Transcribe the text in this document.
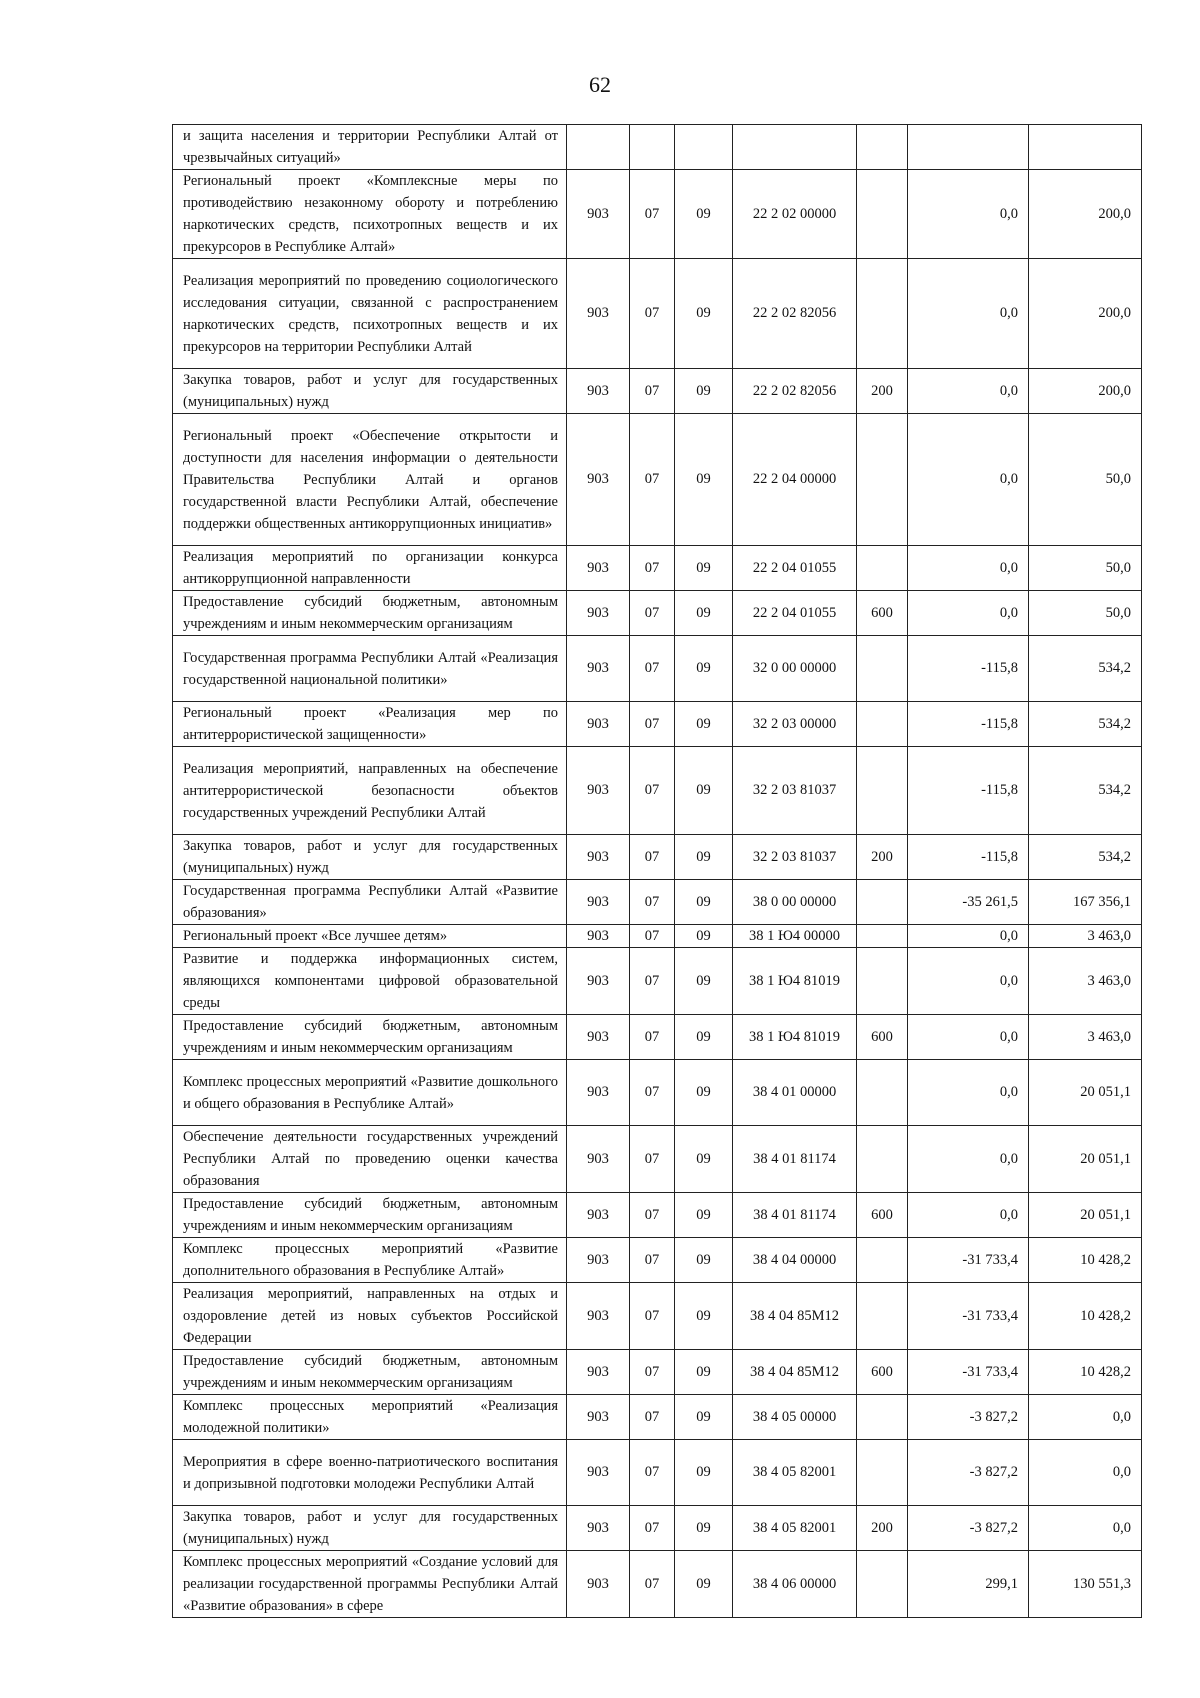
62
и защита населения и территории Республики Алтай от чрезвычайных ситуаций»							
Региональный проект «Комплексные меры по противодействию незаконному обороту и потреблению наркотических средств, психотропных веществ и их прекурсоров в Республике Алтай»	903	07	09	22 2 02 00000		0,0	200,0
Реализация мероприятий по проведению социологического исследования ситуации, связанной с распространением наркотических средств, психотропных веществ и их прекурсоров на территории Республики Алтай	903	07	09	22 2 02 82056		0,0	200,0
Закупка товаров, работ и услуг для государственных (муниципальных) нужд	903	07	09	22 2 02 82056	200	0,0	200,0
Региональный проект «Обеспечение открытости и доступности для населения информации о деятельности Правительства Республики Алтай и органов государственной власти Республики Алтай, обеспечение поддержки общественных антикоррупционных инициатив»	903	07	09	22 2 04 00000		0,0	50,0
Реализация мероприятий по организации конкурса антикоррупционной направленности	903	07	09	22 2 04 01055		0,0	50,0
Предоставление субсидий бюджетным, автономным учреждениям и иным некоммерческим организациям	903	07	09	22 2 04 01055	600	0,0	50,0
Государственная программа Республики Алтай «Реализация государственной национальной политики»	903	07	09	32 0 00 00000		-115,8	534,2
Региональный проект «Реализация мер по антитеррористической защищенности»	903	07	09	32 2 03 00000		-115,8	534,2
Реализация мероприятий, направленных на обеспечение антитеррористической безопасности объектов государственных учреждений Республики Алтай	903	07	09	32 2 03 81037		-115,8	534,2
Закупка товаров, работ и услуг для государственных (муниципальных) нужд	903	07	09	32 2 03 81037	200	-115,8	534,2
Государственная программа Республики Алтай «Развитие образования»	903	07	09	38 0 00 00000		-35 261,5	167 356,1
Региональный проект «Все лучшее детям»	903	07	09	38 1 Ю4 00000		0,0	3 463,0
Развитие и поддержка информационных систем, являющихся компонентами цифровой образовательной среды	903	07	09	38 1 Ю4 81019		0,0	3 463,0
Предоставление субсидий бюджетным, автономным учреждениям и иным некоммерческим организациям	903	07	09	38 1 Ю4 81019	600	0,0	3 463,0
Комплекс процессных мероприятий «Развитие дошкольного и общего образования в Республике Алтай»	903	07	09	38 4 01 00000		0,0	20 051,1
Обеспечение деятельности государственных учреждений Республики Алтай по проведению оценки качества образования	903	07	09	38 4 01 81174		0,0	20 051,1
Предоставление субсидий бюджетным, автономным учреждениям и иным некоммерческим организациям	903	07	09	38 4 01 81174	600	0,0	20 051,1
Комплекс процессных мероприятий «Развитие дополнительного образования в Республике Алтай»	903	07	09	38 4 04 00000		-31 733,4	10 428,2
Реализация мероприятий, направленных на отдых и оздоровление детей из новых субъектов Российской Федерации	903	07	09	38 4 04 85М12		-31 733,4	10 428,2
Предоставление субсидий бюджетным, автономным учреждениям и иным некоммерческим организациям	903	07	09	38 4 04 85М12	600	-31 733,4	10 428,2
Комплекс процессных мероприятий «Реализация молодежной политики»	903	07	09	38 4 05 00000		-3 827,2	0,0
Мероприятия в сфере военно-патриотического воспитания и допризывной подготовки молодежи Республики Алтай	903	07	09	38 4 05 82001		-3 827,2	0,0
Закупка товаров, работ и услуг для государственных (муниципальных) нужд	903	07	09	38 4 05 82001	200	-3 827,2	0,0
Комплекс процессных мероприятий «Создание условий для реализации государственной программы Республики Алтай «Развитие образования» в сфере	903	07	09	38 4 06 00000		299,1	130 551,3
